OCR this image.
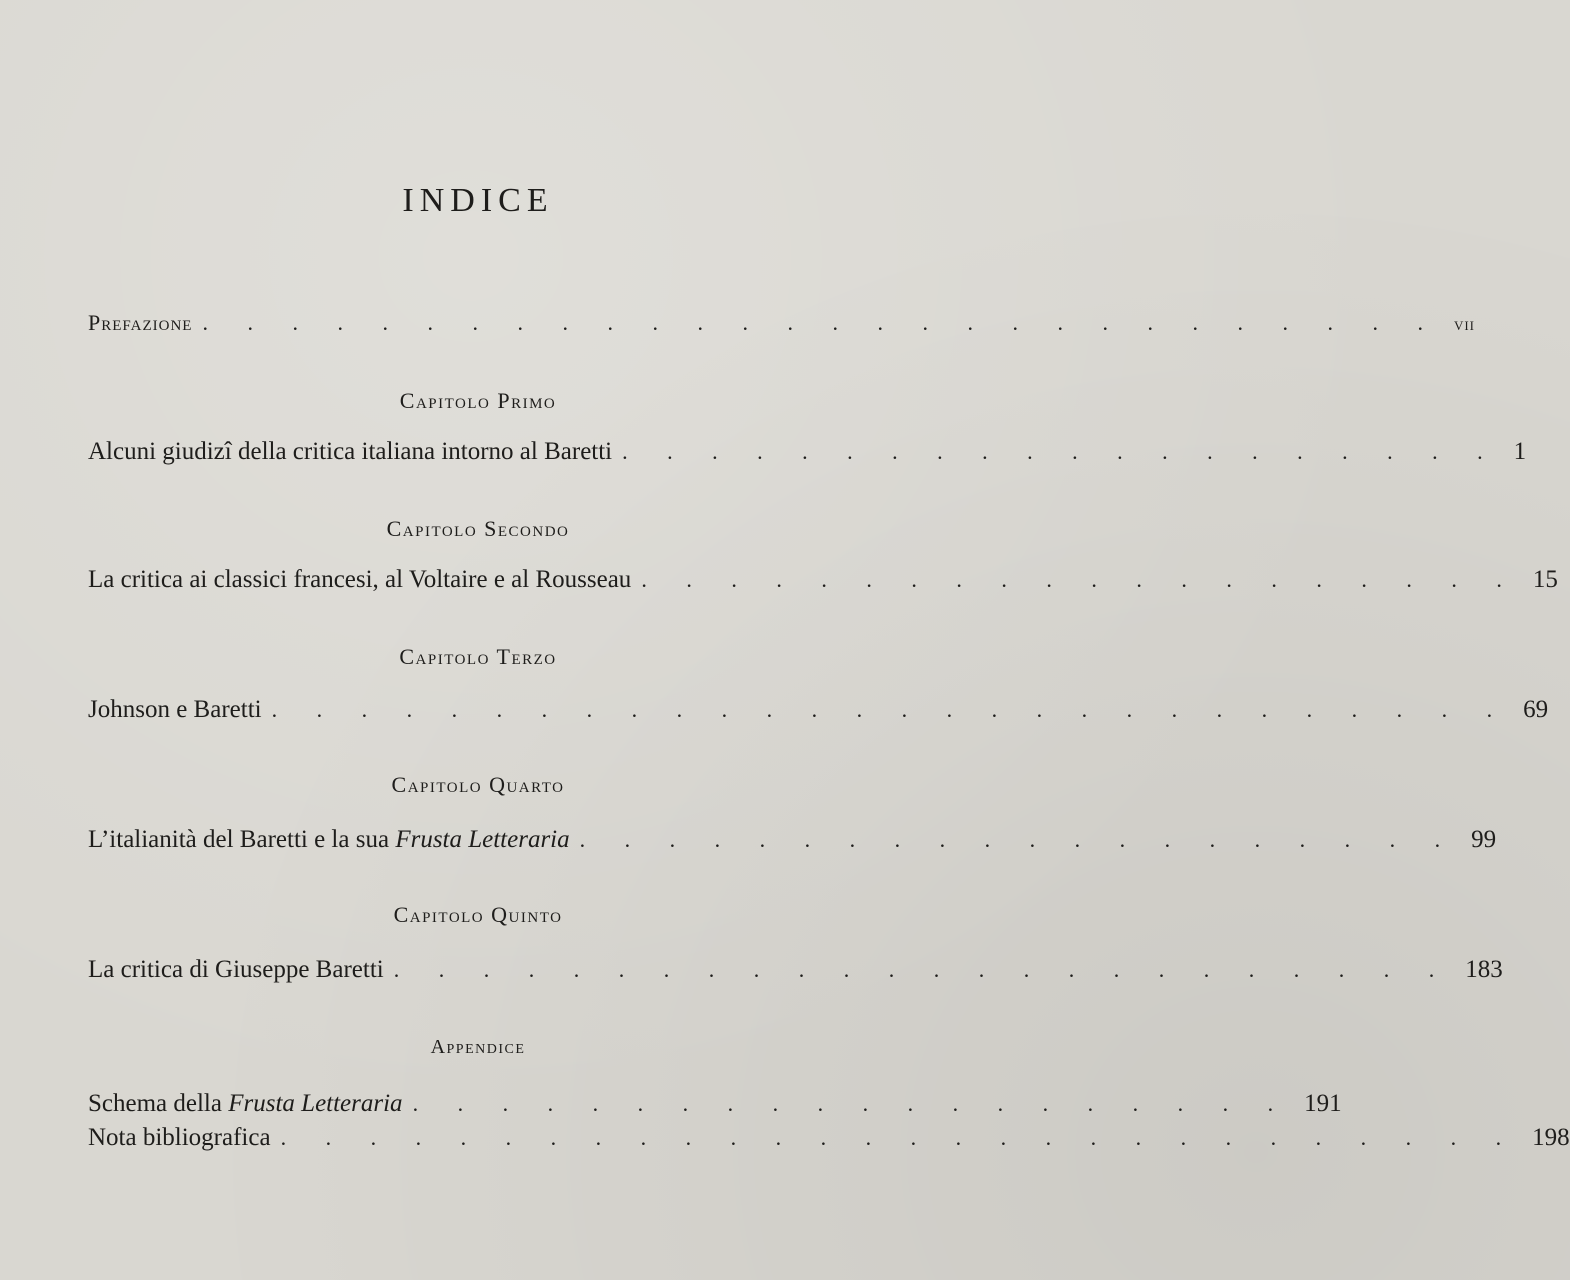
INDICE
Prefazione . . . . . . . . . . . . . . . . . . . . . . . . . . . . vii
Capitolo Primo
Alcuni giudizî della critica italiana intorno al Baretti . . . . . . . . . . . . . . . . . . . . 1
Capitolo Secondo
La critica ai classici francesi, al Voltaire e al Rousseau . . . . . . . . . . . . . . . . . . . . 15
Capitolo Terzo
Johnson e Baretti . . . . . . . . . . . . . . . . . . . . . . . . . . . . 69
Capitolo Quarto
L’italianità del Baretti e la sua Frusta Letteraria . . . . . . . . . . . . . . . . . . . . 99
Capitolo Quinto
La critica di Giuseppe Baretti . . . . . . . . . . . . . . . . . . . . . . . . 183
Appendice
Schema della Frusta Letteraria . . . . . . . . . . . . . . . . . . . . 191
Nota bibliografica . . . . . . . . . . . . . . . . . . . . . . . . . . . . 198
